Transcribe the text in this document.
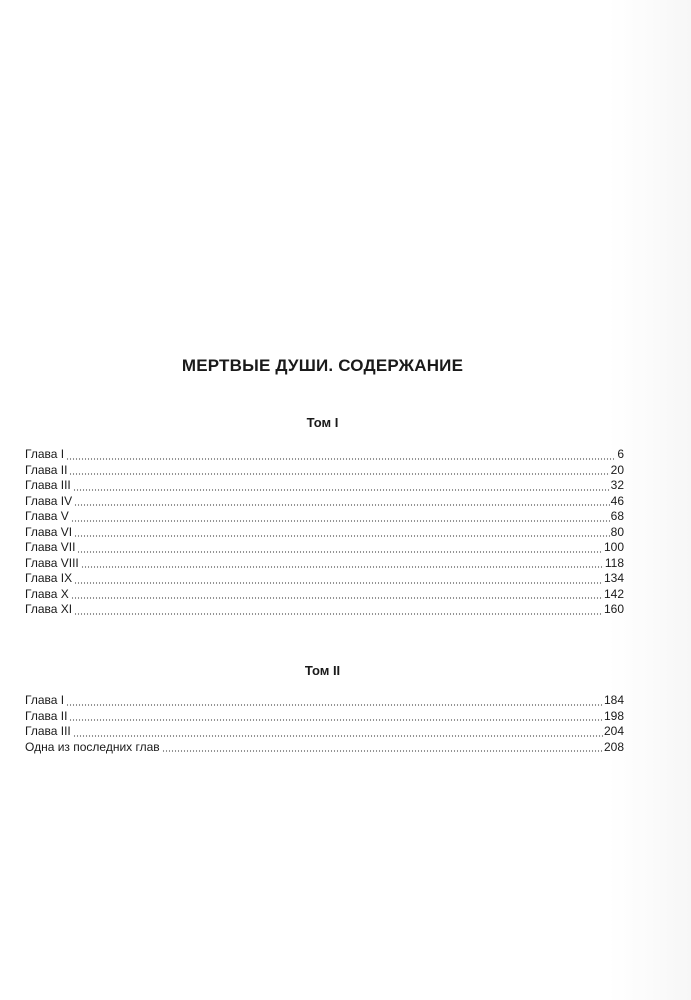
МЕРТВЫЕ ДУШИ. СОДЕРЖАНИЕ
Том I
Глава I	6
Глава II	20
Глава III	32
Глава IV	46
Глава V	68
Глава VI	80
Глава VII	100
Глава VIII	118
Глава IX	134
Глава X	142
Глава XI	160
Том II
Глава I	184
Глава II	198
Глава III	204
Одна из последних глав	208
